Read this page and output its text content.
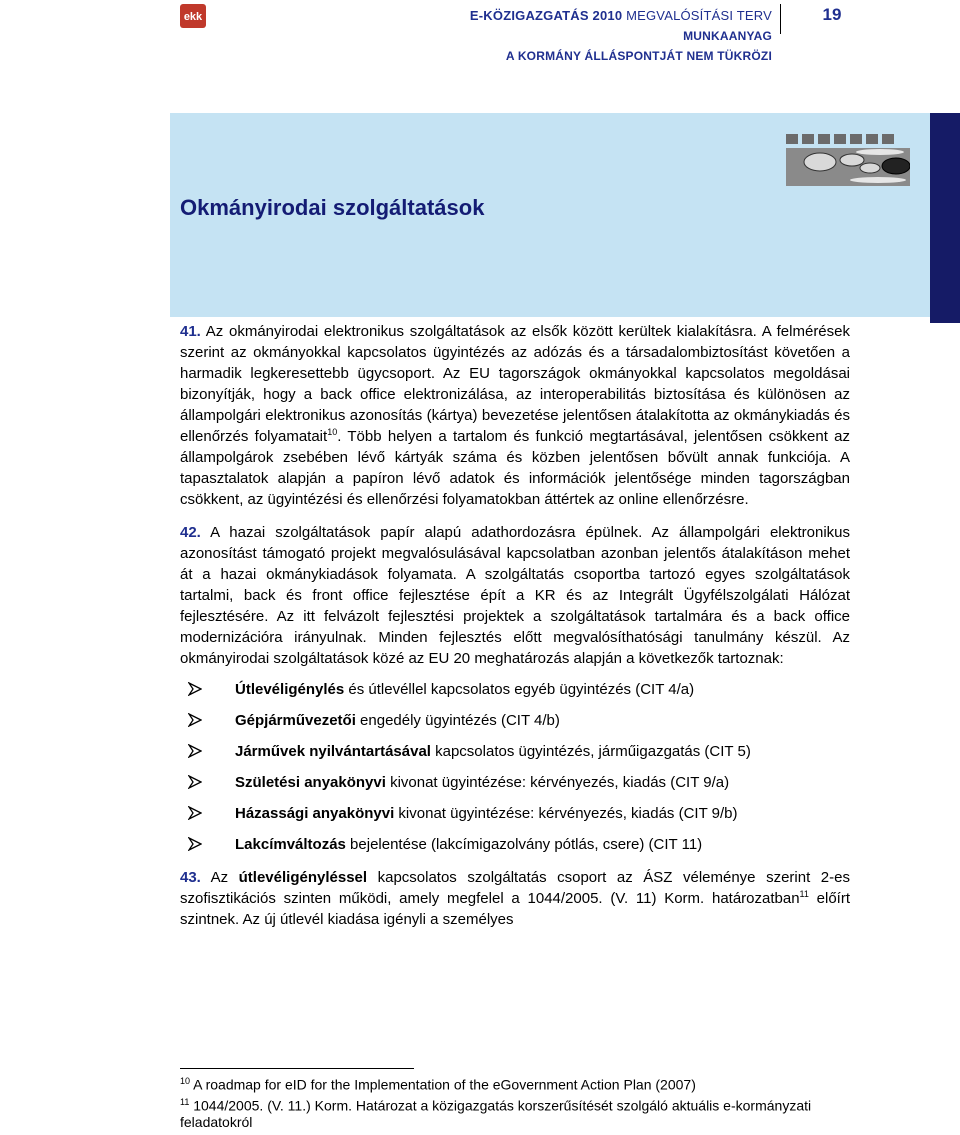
ekk	E-KÖZIGAZGATÁS 2010 MEGVALÓSÍTÁSI TERV
MUNKAANYAG
A KORMÁNY ÁLLÁSPONTJÁT NEM TÜKRÖZI
19
Okmányirodai szolgáltatások

41. Az okmányirodai elektronikus szolgáltatások az elsők között kerültek kialakításra. A felmérések szerint az okmányokkal kapcsolatos ügyintézés az adózás és a társadalombiztosítást követően a harmadik legkeresettebb ügycsoport. Az EU tagországok okmányokkal kapcsolatos megoldásai bizonyítják, hogy a back office elektronizálása, az interoperabilitás biztosítása és különösen az állampolgári elektronikus azonosítás (kártya) bevezetése jelentősen átalakította az okmánykiadás és ellenőrzés folyamatait$^{10}$. Több helyen a tartalom és funkció megtartásával, jelentősen csökkent az állampolgárok zsebében lévő kártyák száma és közben jelentősen bővült annak funkciója. A tapasztalatok alapján a papíron lévő adatok és információk jelentősége minden tagországban csökkent, az ügyintézési és ellenőrzési folyamatokban áttértek az online ellenőrzésre.

42. A hazai szolgáltatások papír alapú adathordozásra épülnek. Az állampolgári elektronikus azonosítást támogató projekt megvalósulásával kapcsolatban azonban jelentős átalakításon mehet át a hazai okmánykiadások folyamata. A szolgáltatás csoportba tartozó egyes szolgáltatások tartalmi, back és front office fejlesztése épít a KR és az Integrált Ügyfélszolgálati Hálózat fejlesztésére. Az itt felvázolt fejlesztési projektek a szolgáltatások tartalmára és a back office modernizációra irányulnak. Minden fejlesztés előtt megvalósíthatósági tanulmány készül. Az okmányirodai szolgáltatások közé az EU 20 meghatározás alapján a következők tartoznak:

Útlevéligénylés és útlevéllel kapcsolatos egyéb ügyintézés (CIT 4/a)
Gépjárművezetői engedély ügyintézés (CIT 4/b)
Járművek nyilvántartásával kapcsolatos ügyintézés, járműigazgatás (CIT 5)
Születési anyakönyvi kivonat ügyintézése: kérvényezés, kiadás (CIT 9/a)
Házassági anyakönyvi kivonat ügyintézése: kérvényezés, kiadás (CIT 9/b)
Lakcímváltozás bejelentése (lakcímigazolvány pótlás, csere) (CIT 11)

43. Az útlevéligényléssel kapcsolatos szolgáltatás csoport az ÁSZ véleménye szerint 2-es szofisztikációs szinten működi, amely megfelel a 1044/2005. (V. 11) Korm. határozatban$^{11}$ előírt szintnek. Az új útlevél kiadása igényli a személyes

$^{10}$ A roadmap for eID for the Implementation of the eGovernment Action Plan (2007)

$^{11}$ 1044/2005. (V. 11.) Korm. Határozat a közigazgatás korszerűsítését szolgáló aktuális e-kormányzati feladatokról
